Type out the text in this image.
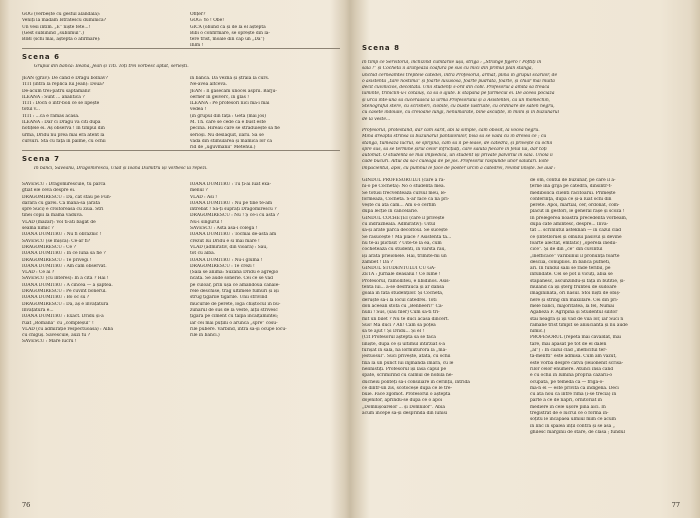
GOG (verbește cu gestul alandala):
Veniți la madam Istrătescu duminică?
Un vesi intim. „E” niște fete...!
(Gest sublinind „sublimul”.)
BIBI (schi mai, așteptă o afirmare):
Ofițer?
GOG: Yo ! Obe!
GICA (obiind că și de la el așteptă
Bibi o confirmare, se oprește din lă-
tere trist, moale din cap un „Da”)
Ihlm !
Scena 6
Grupul din bancă: Ileana, Jean și Titi. Toți trei vorbesc aptat, seriești.
JEAN (grav): De când e Dragu bolnav?
TITI (intră la replica lui Jean): Două?
De-acum trei-patru săptămâni!
ILEANA : Sunt ... analitică ?
TITI : Doch o într-boli ce se lipește
totul v...
TITI : ...că e rămas acasă.
ILEANA : Dar ci Dragu va citi după
notițele ei. Aș observa ! În timpul din
urmă, Dridu nu prea mai era atent la
cursuri. Sta cu fața în palme, cu ochii
în bancă. Da vezna și ștrala la curs.
Ne-avea altceva.
JEAN : Il gâsecam unocei asprii. Barju-
oerner în geiverc, în glas !
ILEANA : Pe profesori nici ma-i mai
vedea !
(în grupul din față : Geta (mai jos)
M. Th. care se cede că e bust este
pecina. Hireau care se străduiește să fie
serioși. Nu deslăquit, ilarii. Să se
vadă din stimularea și mamica lor că
rîd de „uguvmanii” Metehui.)
Scena 7
În bănci, Săveanu, Dragomirescu, Ulad și Ioana Dumitru își vorbesc la repezi.
SĂVESCU : Dragomirescule, tu parcă
gtiat ele ceva despre ei.
DRAGOMIRESCU : Da, cât stau pe Fun-
dărara cu garei. Că mână-sa (arată
spre Suci) e croitoreasă cu ziua. Stri
tinei copii la mamă văduvă.
VLAD (mazăr): Vol ti-ati bagat de
seamă nimic ?
IOANA DUMITRU : Nu fi obraznic !
SĂVESCU (se mișcă): Ce-ar fi?
DRAGOMIRESCU : Ce ?
IOANA DUMITRU : În ce lună sa fie ?
DRAGOMIRESCU : Te privegi !
IOANA DUMITRU : Am cam observat.
VLAD : Ce ai ?
SĂVESCU (cu interes): In a cita ? Hai !
IOANA DUMITRU : A cincea — a șaptea.
DRAGOMIRESCU : Pe cuvînt bonerul.
IOANA DUMITRU : Bo oc su ?
DRAGOMIRESCU : Da, aș e învățătura
Învățătură e...
IOANA DUMITRU : Exact. Dridu și-a
ruat „Româna” cu „compleșul” !
VLAD (cu admirație respectuoasă) : Albă
cu chiguș. Săvescule, auzi tu ?
SĂVESCU : Mare lucru !
IOANA DUMITRU : Tu ți-ai luat exa-
menul ?
VLAD : Asi !
IOANA DUMITRU : Nu pe tine te-am
întrebat ! Să-ți suprați Dragomirescu ?
DRAGOMIRESCU : Nu ! Ș ce-i cu asta ?
Nu-i singurul !
SĂVESCU : Asta asa-i colega !
IOANA DUMITRU : Tocmai de-asta am
crezut lui Dridu e si mai mare !
VLAD (admirativ, din vioară) : Sau,
tot cu albă.
IOANA DUMITRU : Nu-i glumă !
DRAGOMIRESCU : Te crezi !
(Sala se animă: Suzana Dridu e agregio
ncată. Se aude sonerie. Cei ce se văd
pe culoar, prin ușa ce amândouă canale-
rele deschise, trag ultimele fumuri și își
strug țigările tigările. Unii strivind
mucurile de perete, logă chiștocul în bu-
zunarul de sus de la veste, alții strivesc
țigara pe ciment cu talpa încălțămintei;
iar cei mai puțini o aruncă „spre” cosu-
rile pubere. Varbind, intră să-și ocupe locu-
rile în bănci.)
76
Scena 8
În timp ce Servitorul, închizînd cumtarile ușă, strigă : „Strânge figero ! Poftiți în
sală !” și Cocheta îi aranjează coafura pe sus cu mici din primul plan stânga,
unchid cerneamtes trepteie catedei, intră Profesorul, armat, plină în grupul scărilor, de
o asistentă „tare nostimă” și foarte luxusosă, foarte pudrată, foarte, și chiar mai multă
decît cuvînicios, decoltată. Unii studenți s-ord din cobl. Profesorul a amită să treacă
luminte, triniclin-u-i cotaiuș, ca să o ajute. E stăpână pe farmecul ei. De aceea pociază
și urca înte-una să cuceraască la urma Profesorului și a Asistentei, ca un momechin,
Stenograful stere, cu scrisheri, ciobite, cu buste lustruite, cu ordinare de saten negru,
cu casete indoiale, cu creioane lungi, nenumărate, bine ascuțite, în mîini și în buzunarul
de la veste...
Profesorul, protestând, dar cam sărit, abi la simple, cam obosit, la vocea negru.
Mina dreaptă strînsă la buzunarul pantalonilor, bisă să se vadă cu în dreiea ce ; cu
stânga, tumează lucrul, se sprijină, cam să îl pe-lease, de catedră, și privește cu ochii
spre sus, să se termine șirul celor înfricțiați, care salută fiecare în felul lui, dar toți
automat. O studentă se mai împiedică, un student își private pâlvirlul în sală. Unola îi
cade bucuri. Altul dă să-l culeagă de pe jos. Profesorul răspunde unor salutari. Este
impacientul, apoi, cu pumnul le face de pooter urcîn a catedrei, revind liniște. Se aud :
GÎNDUL PROFESORULUI (care a ră-
ni-o pe Cocheta): No o studenta mea.
Se totusi frecventează cursul meu, le-
formează, Cochetă. S-ar face că nă pri-
vește cu atâ cam... Am s-o cerfim
după lecție în cancelarie.
GÎNDUL COCHEȚEI (care îl privește
cu îndrăzneală. Admirativ): Uitul
să-și arate parcă decoltoul. Se sucește
Se răsucește ! Mă place ? Asistentă ta...
nu te-ai plictisit ? Uite-te la ea, cum
cochetează cu studenti, în vârsta râu,
își arată prieionele. Hai, trimite-mi un
zâmbet ! Da ?
GÎNDUL STUDENTULUI CU GA-
ZETA : Jurnale deasălui ! Ce lume !
Profesorul, ramolliteu, e libidinos. Asis-
tenta lui... a-se desfrâuca și ar dansa
goală în fata studenților. Și Cocheta,
deruște să-i la locul catedrei. Toti
don aceean stofă cu „Benheeri!” Ca-
nulii ! Sus, (sau filer) Cum să-ti tri-
mit un bilet ? Nu te duci acasă dincert.
Sus! Mă duci ? Ah! Cam sa poțea
să te ajut ! Și Dridu... Și el !
(Cît Profesorul așteptă să se facă
liniște, după ce și ultimul intîrziat s-a
furișat în sală, nă lormuturora la „ma-
jestuosul”. Suci privește, atâtă, cu ochii
fixă la un punct lui înjmândă imăra, cu le
nelinistiți. Profesorul își lasă capul pe
spate, scrîmirind cu calmul de nobilă ne-
ducheiu politeți sa-i consiliare în cerinții, întrîdă
ce dintr-un zis, scotoceșe după ce le tre-
buie. Face zgomot. Profesorul o așteptă
dojenitor, aprindu-se după ce o apoi
„Domnișoarelor ... și Domnilor”. Abia
acum începe să-și desprindă din lunisi
de om, contul de buzunar, pe care îl a-
țerne înă grija pe catedră, dinsintr-t-
medibolică clienti răcitoarui. Primește
conferința, după ce și-a luat ochi din
perete. Apoi, martial, cer, ordonat, com-
plăcut în gestori, le general râșe și scoză !
În prelegerea noastră precedentă vorbeam,
după câte amintesc, despre... Invă-
tat ... scrinlutul ăsteknân — în cazul clad
ce (intetloruel și omului pasivul și devine
foarte alectat, emfatic) „operela inedii-
cice”. Și de din „ce” din cuvîntul
„înefficace” varibiinul îl pronunță foarte
desciia, conuplios. În băncă pufneti,
ari. În fundul sălii se râde teribil, pe
înfundate. Cel se pot îi vicuți, abia se
stăpânesc, ascunzindu-și fața în butitie, și-
mulând că își șterg frunteu de sudoare
îmagininată, ori nasul. Stoi niști de obiș-
nere și string din maxillare. Cei din pri-
mele bânci, majoritatea, la fel, Numai
Agaheza F. Agripina și Studentul silitor
stai neagră și își văd de vîia lor, iar Suci n
rămâne trist tîmpit se aniuciantă și nu aude
nimic.)
PROFESORUL (repetă mai cavaldat, mai
tare, mai apăsat pe tot de el dalen
„ăl”) : În cazul clad „ineflicitul ter-
ta-mentti” este admisă. Cum am văzut,
este vorba despre câtva (leiionenit scrisă-
rilor celor enumere. Atunci însă când
e cu ochii în lumina propria căzării-o
ocupată, pe temedă ca — frigă-o-
ma-n el — este privită ca indigena. Deci
cu atâ nou că între rima (i-se trecia) în
parte a ce de năpri, ornitoriat în
mediere în cele ușore pînă aici. În
tregistrat de e lucrul ce o forma în-
soțitu le încăpăea ulmiul mim ce acum
în linc în spălea înțîl contra și se asa „
ghilesc marginii de stare, de clasă ; fundul
77
